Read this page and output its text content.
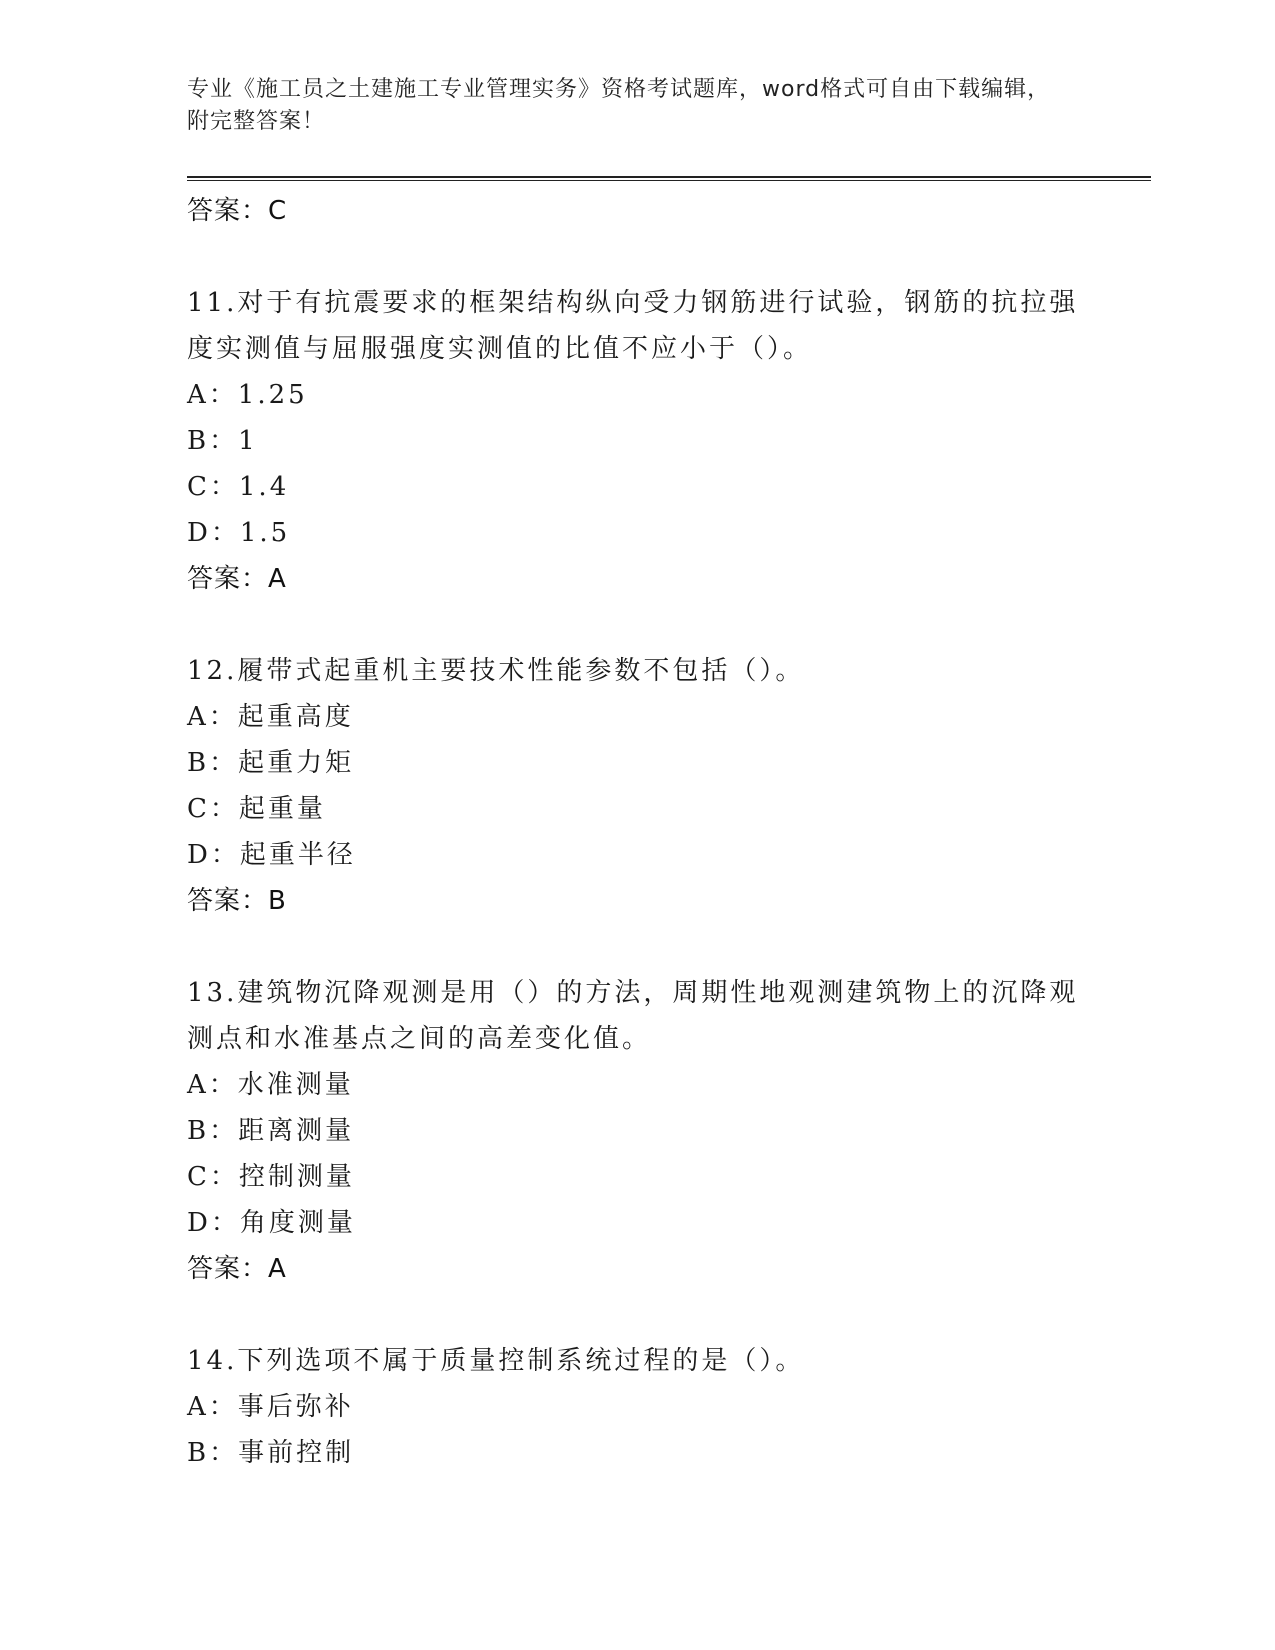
专业《施工员之土建施工专业管理实务》资格考试题库，word格式可自由下载编辑，附完整答案！
答案：C
11.对于有抗震要求的框架结构纵向受力钢筋进行试验，钢筋的抗拉强
度实测值与屈服强度实测值的比值不应小于（）。
A：1.25
B：1
C：1.4
D：1.5
答案：A
12.履带式起重机主要技术性能参数不包括（）。
A：起重高度
B：起重力矩
C：起重量
D：起重半径
答案：B
13.建筑物沉降观测是用（）的方法，周期性地观测建筑物上的沉降观
测点和水准基点之间的高差变化值。
A：水准测量
B：距离测量
C：控制测量
D：角度测量
答案：A
14.下列选项不属于质量控制系统过程的是（）。
A：事后弥补
B：事前控制
